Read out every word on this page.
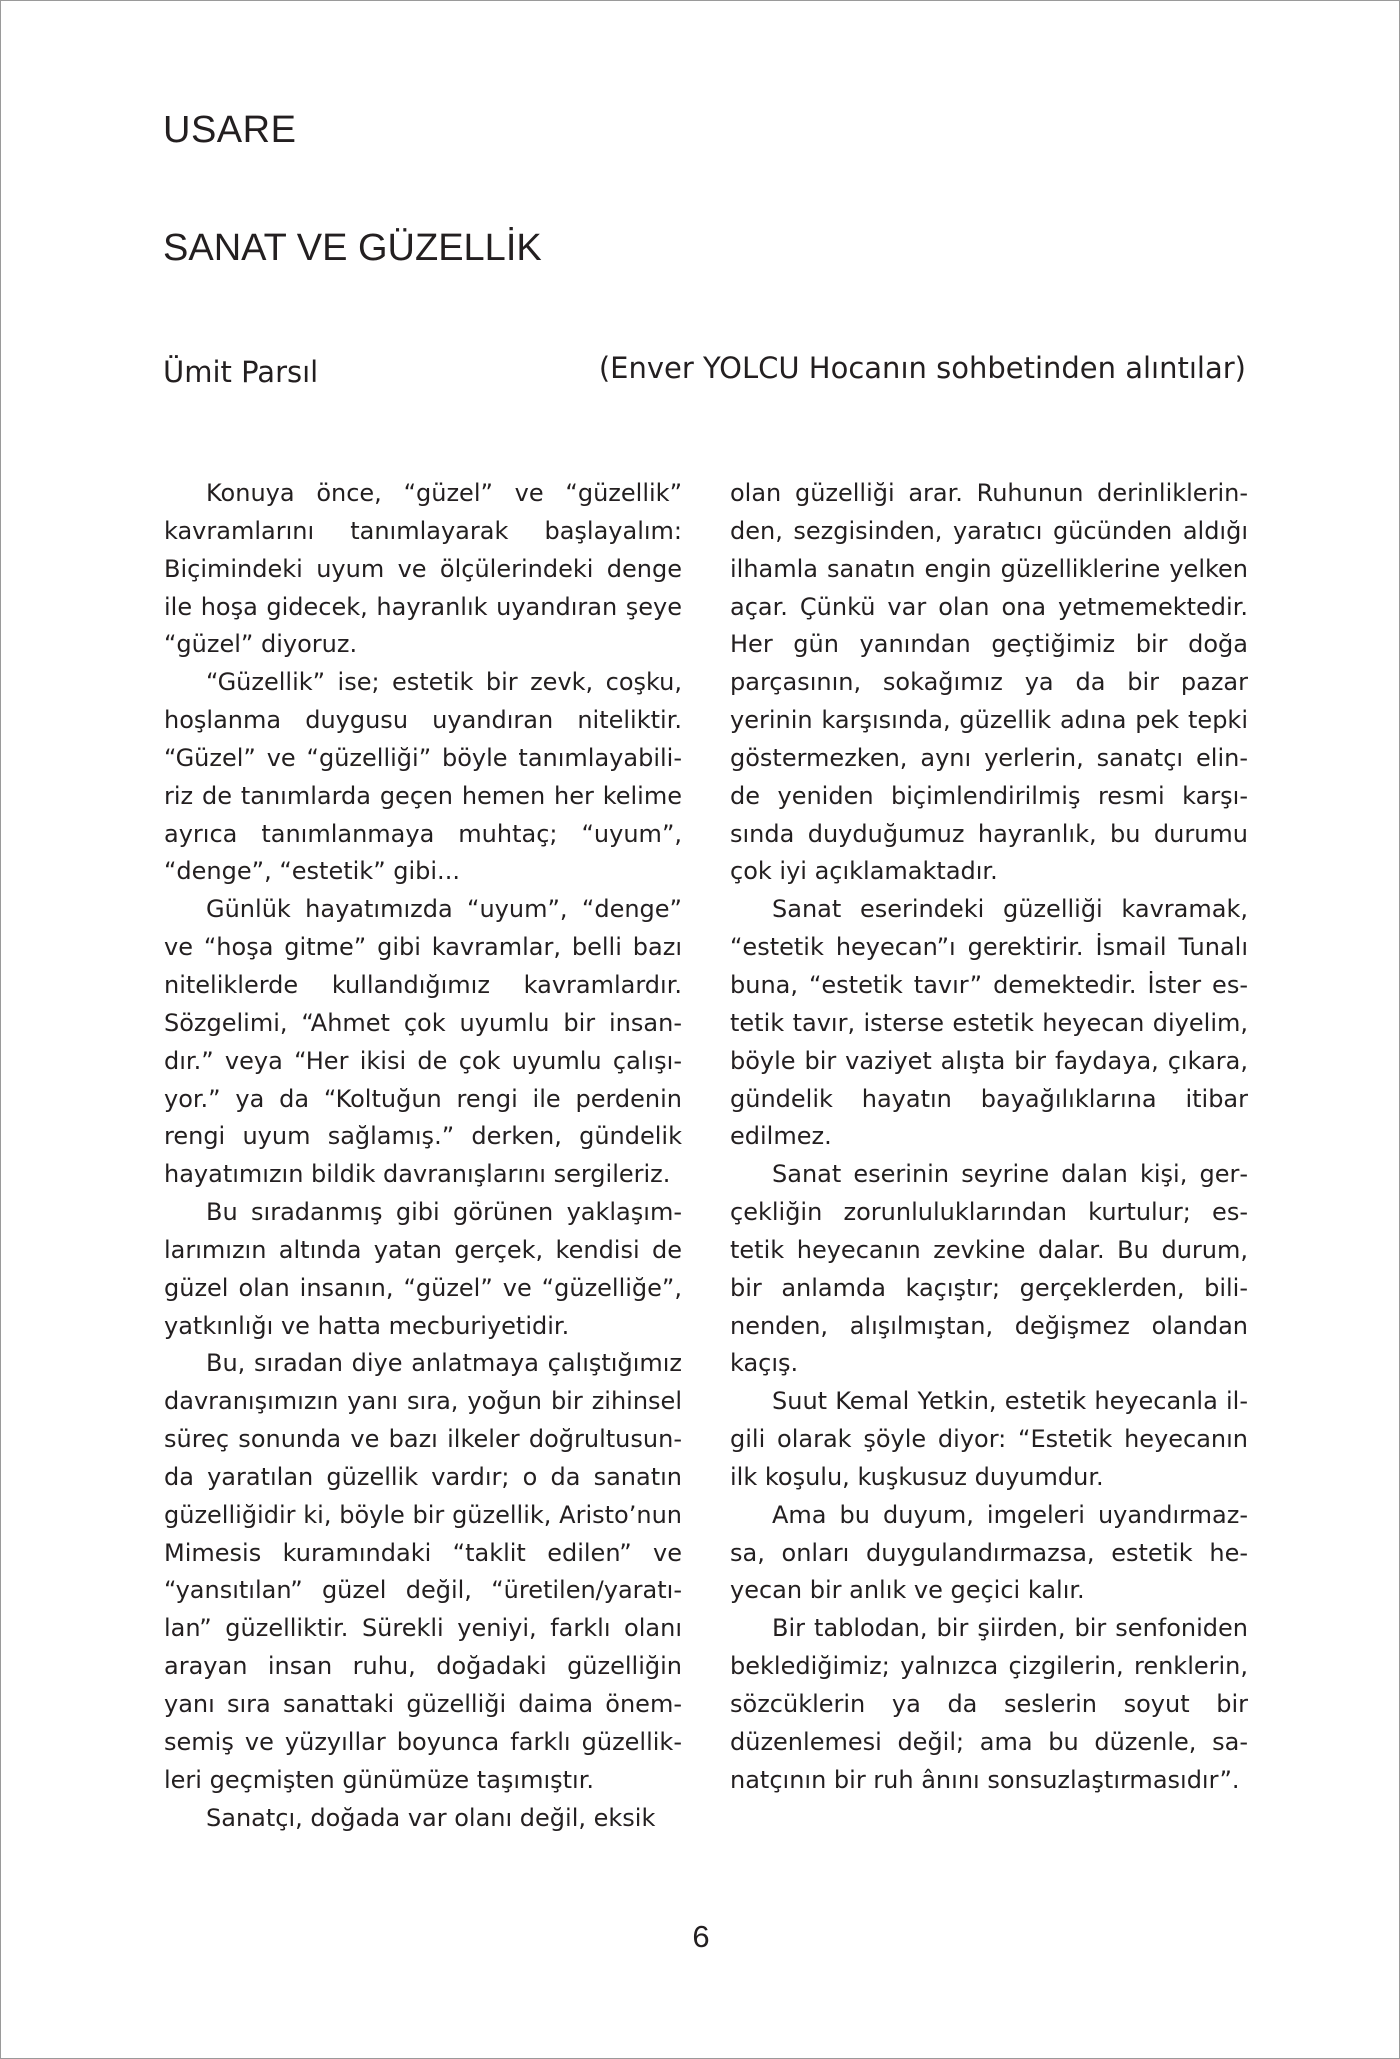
USARE
SANAT VE GÜZELLİK
Ümit Parsıl	(Enver YOLCU Hocanın sohbetinden alıntılar)

Konuya önce, “güzel” ve “güzellik” kavramlarını tanımlayarak başlayalım: Biçimindeki uyum ve ölçülerindeki denge ile hoşa gidecek, hayranlık uyandıran şeye “güzel” diyoruz.

“Güzellik” ise; estetik bir zevk, coşku, hoşlanma duygusu uyandıran niteliktir. “Güzel” ve “güzelliği” böyle tanımlayabiliriz de tanımlarda geçen hemen her kelime ayrıca tanımlanmaya muhtaç; “uyum”, “denge”, “estetik” gibi...

Günlük hayatımızda “uyum”, “denge” ve “hoşa gitme” gibi kavramlar, belli bazı niteliklerde kullandığımız kavramlardır. Sözgelimi, “Ahmet çok uyumlu bir insandır.” veya “Her ikisi de çok uyumlu çalışıyor.” ya da “Koltuğun rengi ile perdenin rengi uyum sağlamış.” derken, gündelik hayatımızın bildik davranışlarını sergileriz.

Bu sıradanmış gibi görünen yaklaşımlarımızın altında yatan gerçek, kendisi de güzel olan insanın, “güzel” ve “güzelliğe”, yatkınlığı ve hatta mecburiyetidir.

Bu, sıradan diye anlatmaya çalıştığımız davranışımızın yanı sıra, yoğun bir zihinsel süreç sonunda ve bazı ilkeler doğrultusunda yaratılan güzellik vardır; o da sanatın güzelliğidir ki, böyle bir güzellik, Aristo’nun Mimesis kuramındaki “taklit edilen” ve “yansıtılan” güzel değil, “üretilen/yaratılan” güzelliktir. Sürekli yeniyi, farklı olanı arayan insan ruhu, doğadaki güzelliğin yanı sıra sanattaki güzelliği daima önemsemiş ve yüzyıllar boyunca farklı güzellikleri geçmişten günümüze taşımıştır.

Sanatçı, doğada var olanı değil, eksik

olan güzelliği arar. Ruhunun derinliklerinden, sezgisinden, yaratıcı gücünden aldığı ilhamla sanatın engin güzelliklerine yelken açar. Çünkü var olan ona yetmemektedir. Her gün yanından geçtiğimiz bir doğa parçasının, sokağımız ya da bir pazar yerinin karşısında, güzellik adına pek tepki göstermezken, aynı yerlerin, sanatçı elinde yeniden biçimlendirilmiş resmi karşısında duyduğumuz hayranlık, bu durumu çok iyi açıklamaktadır.

Sanat eserindeki güzelliği kavramak, “estetik heyecan”ı gerektirir. İsmail Tunalı buna, “estetik tavır” demektedir. İster estetik tavır, isterse estetik heyecan diyelim, böyle bir vaziyet alışta bir faydaya, çıkara, gündelik hayatın bayağılıklarına itibar edilmez.

Sanat eserinin seyrine dalan kişi, gerçekliğin zorunluluklarından kurtulur; estetik heyecanın zevkine dalar. Bu durum, bir anlamda kaçıştır; gerçeklerden, bilinenden, alışılmıştan, değişmez olandan kaçış.

Suut Kemal Yetkin, estetik heyecanla ilgili olarak şöyle diyor: “Estetik heyecanın ilk koşulu, kuşkusuz duyumdur.

Ama bu duyum, imgeleri uyandırmazsa, onları duygulandırmazsa, estetik heyecan bir anlık ve geçici kalır.

Bir tablodan, bir şiirden, bir senfoniden beklediğimiz; yalnızca çizgilerin, renklerin, sözcüklerin ya da seslerin soyut bir düzenlemesi değil; ama bu düzenle, sanatçının bir ruh ânını sonsuzlaştırmasıdır”.

6
